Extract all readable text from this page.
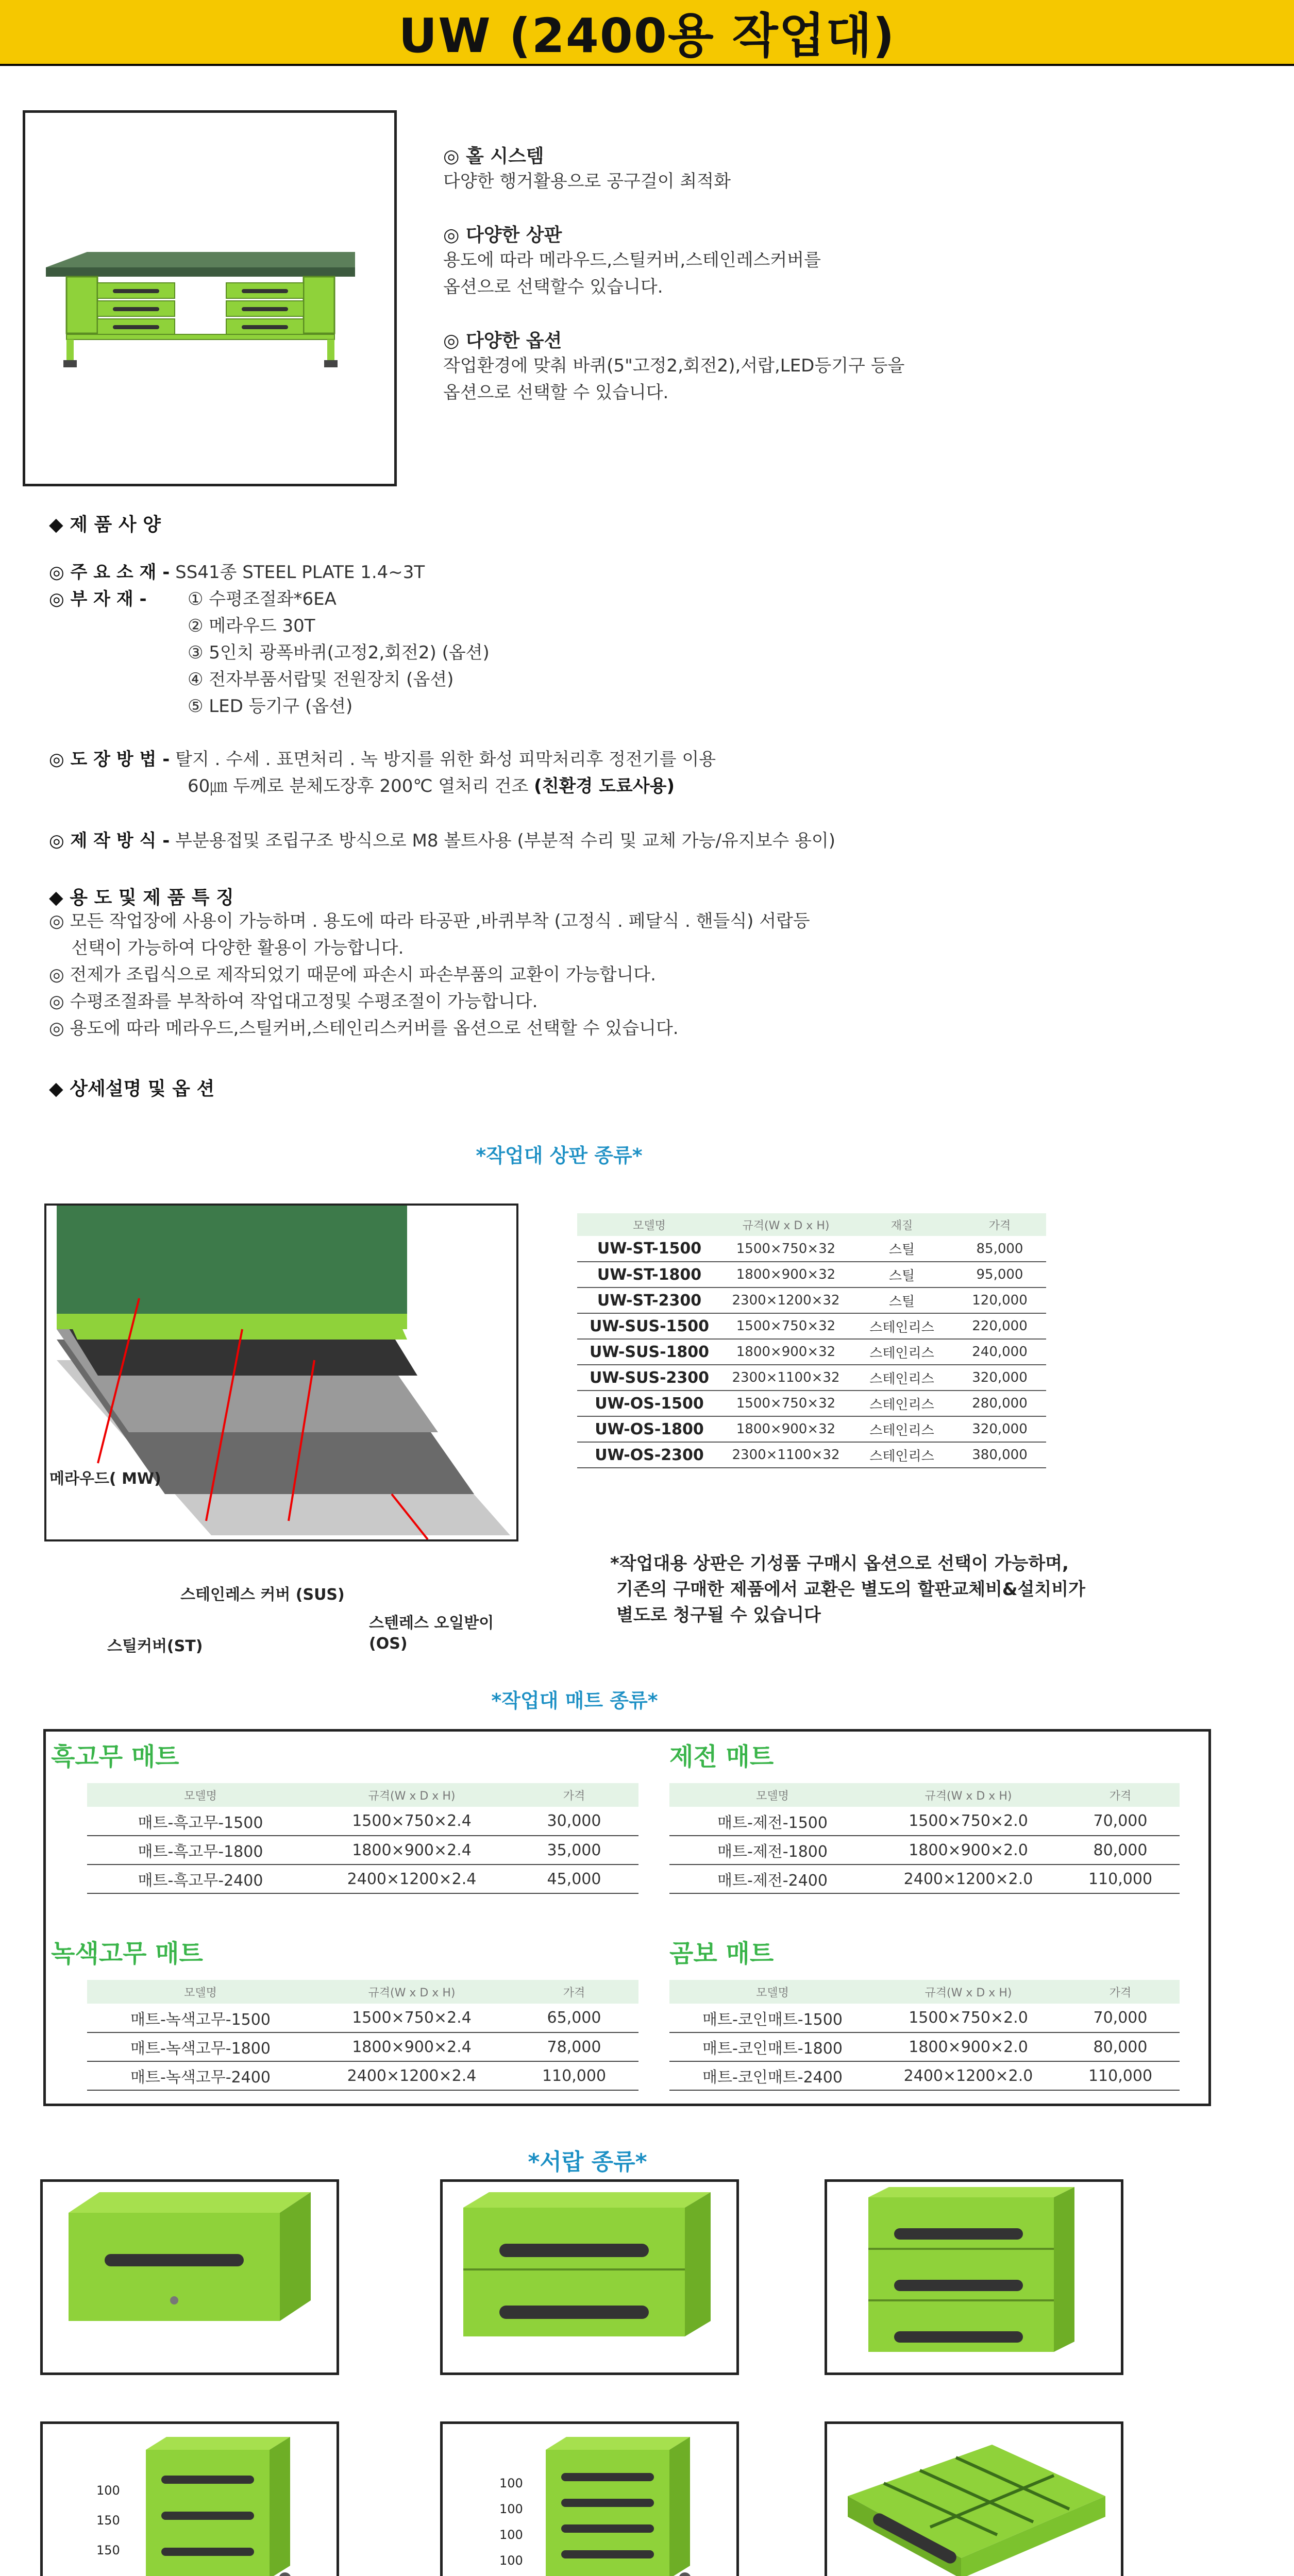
UW (2400용 작업대)
◎ 홀 시스템
다양한 행거활용으로 공구걸이 최적화
◎ 다양한 상판
용도에 따라 메라우드,스틸커버,스테인레스커버를
옵션으로 선택할수 있습니다.
◎ 다양한 옵션
작업환경에 맞춰 바퀴(5"고정2,회전2),서랍,LED등기구 등을
옵션으로 선택할 수 있습니다.
◆ 제 품 사 양
◎ 주 요 소 재 - SS41종 STEEL PLATE 1.4~3T
◎ 부 자 재 - ① 수평조절좌*6EA
② 메라우드 30T
③ 5인치 광폭바퀴(고정2,회전2) (옵션)
④ 전자부품서랍및 전원장치 (옵션)
⑤ LED 등기구 (옵션)
◎ 도 장 방 법 - 탈지 . 수세 . 표면처리 . 녹 방지를 위한 화성 피막처리후 정전기를 이용
60㎛ 두께로 분체도장후 200℃ 열처리 건조 (친환경 도료사용)
◎ 제 작 방 식 - 부분용접및 조립구조 방식으로 M8 볼트사용 (부분적 수리 및 교체 가능/유지보수 용이)
◆ 용 도 및 제 품 특 징
◎ 모든 작업장에 사용이 가능하며 . 용도에 따라 타공판 ,바퀴부착 (고정식 . 페달식 . 핸들식) 서랍등
선택이 가능하여 다양한 활용이 가능합니다.
◎ 전제가 조립식으로 제작되었기 때문에 파손시 파손부품의 교환이 가능합니다.
◎ 수평조절좌를 부착하여 작업대고정및 수평조절이 가능합니다.
◎ 용도에 따라 메라우드,스틸커버,스테인리스커버를 옵션으로 선택할 수 있습니다.
◆ 상세설명 및 옵 션
*작업대 상판 종류*
메라우드( MW)
스테인레스 커버 (SUS)
스텐레스 오일받이
(OS)
스틸커버(ST)
모델명	규격(W x D x H)	재질	가격
UW-ST-1500	1500×750×32	스틸	85,000
UW-ST-1800	1800×900×32	스틸	95,000
UW-ST-2300	2300×1200×32	스틸	120,000
UW-SUS-1500	1500×750×32	스테인리스	220,000
UW-SUS-1800	1800×900×32	스테인리스	240,000
UW-SUS-2300	2300×1100×32	스테인리스	320,000
UW-OS-1500	1500×750×32	스테인리스	280,000
UW-OS-1800	1800×900×32	스테인리스	320,000
UW-OS-2300	2300×1100×32	스테인리스	380,000
*작업대용 상판은 기성품 구매시 옵션으로 선택이 가능하며,
기존의 구매한 제품에서 교환은 별도의 할판교체비&설치비가
별도로 청구될 수 있습니다
*작업대 매트 종류*
흑고무 매트
모델명	규격(W x D x H)	가격
매트-흑고무-1500	1500×750×2.4	30,000
매트-흑고무-1800	1800×900×2.4	35,000
매트-흑고무-2400	2400×1200×2.4	45,000
제전 매트
모델명	규격(W x D x H)	가격
매트-제전-1500	1500×750×2.0	70,000
매트-제전-1800	1800×900×2.0	80,000
매트-제전-2400	2400×1200×2.0	110,000
녹색고무 매트
모델명	규격(W x D x H)	가격
매트-녹색고무-1500	1500×750×2.4	65,000
매트-녹색고무-1800	1800×900×2.4	78,000
매트-녹색고무-2400	2400×1200×2.4	110,000
곰보 매트
모델명	규격(W x D x H)	가격
매트-코인매트-1500	1500×750×2.0	70,000
매트-코인매트-1800	1800×900×2.0	80,000
매트-코인매트-2400	2400×1200×2.0	110,000
*서랍 종류*
100
150
150
100
100
100
100
